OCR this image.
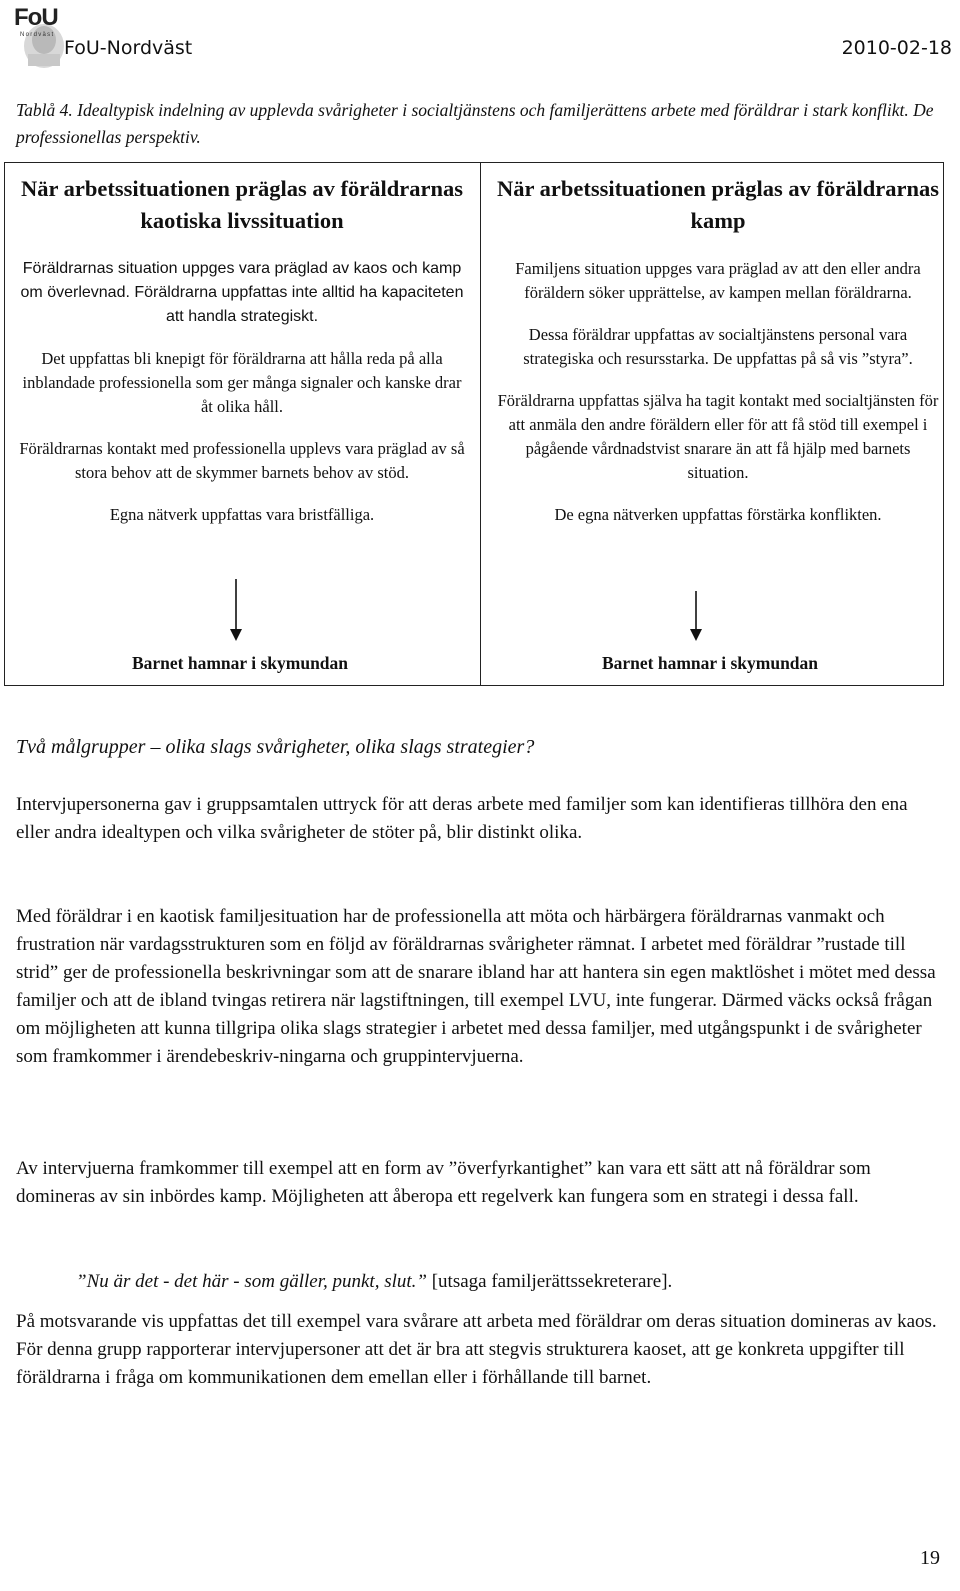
FoU
Nordväst
FoU-Nordväst	2010-02-18

Tablå 4. Idealtypisk indelning av upplevda svårigheter i socialtjänstens och familjerättens arbete med föräldrar i stark konflikt. De professionellas perspektiv.

När arbetssituationen präglas av föräldrarnas kaotiska livssituation

Föräldrarnas situation uppges vara präglad av kaos och kamp om överlevnad. Föräldrarna uppfattas inte alltid ha kapaciteten att handla strategiskt.

Det uppfattas bli knepigt för föräldrarna att hålla reda på alla inblandade professionella som ger många signaler och kanske drar åt olika håll.

Föräldrarnas kontakt med professionella upplevs vara präglad av så stora behov att de skymmer barnets behov av stöd.

Egna nätverk uppfattas vara bristfälliga.

När arbetssituationen präglas av föräldrarnas kamp

Familjens situation uppges vara präglad av att den eller andra föräldern söker upprättelse, av kampen mellan föräldrarna.

Dessa föräldrar uppfattas av socialtjänstens personal vara strategiska och resursstarka. De uppfattas på så vis ”styra”.

Föräldrarna uppfattas själva ha tagit kontakt med socialtjänsten för att anmäla den andre föräldern eller för att få stöd till exempel i pågående vårdnadstvist snarare än att få hjälp med barnets situation.

De egna nätverken uppfattas förstärka konflikten.

Barnet hamnar i skymundan	Barnet hamnar i skymundan

Två målgrupper – olika slags svårigheter, olika slags strategier?

Intervjupersonerna gav i gruppsamtalen uttryck för att deras arbete med familjer som kan identifieras tillhöra den ena eller andra idealtypen och vilka svårigheter de stöter på, blir distinkt olika.

Med föräldrar i en kaotisk familjesituation har de professionella att möta och härbärgera föräldrarnas vanmakt och frustration när vardagsstrukturen som en följd av föräldrarnas svårigheter rämnat. I arbetet med föräldrar ”rustade till strid” ger de professionella beskrivningar som att de snarare ibland har att hantera sin egen maktlöshet i mötet med dessa familjer och att de ibland tvingas retirera när lagstiftningen, till exempel LVU, inte fungerar. Därmed väcks också frågan om möjligheten att kunna tillgripa olika slags strategier i arbetet med dessa familjer, med utgångspunkt i de svårigheter som framkommer i ärendebeskriv-ningarna och gruppintervjuerna.

Av intervjuerna framkommer till exempel att en form av ”överfyrkantighet” kan vara ett sätt att nå föräldrar som domineras av sin inbördes kamp. Möjligheten att åberopa ett regelverk kan fungera som en strategi i dessa fall.

”Nu är det - det här - som gäller, punkt, slut.” [utsaga familjerättssekreterare].

På motsvarande vis uppfattas det till exempel vara svårare att arbeta med föräldrar om deras situation domineras av kaos. För denna grupp rapporterar intervjupersoner att det är bra att stegvis strukturera kaoset, att ge konkreta uppgifter till föräldrarna i fråga om kommunikationen dem emellan eller i förhållande till barnet.

19
